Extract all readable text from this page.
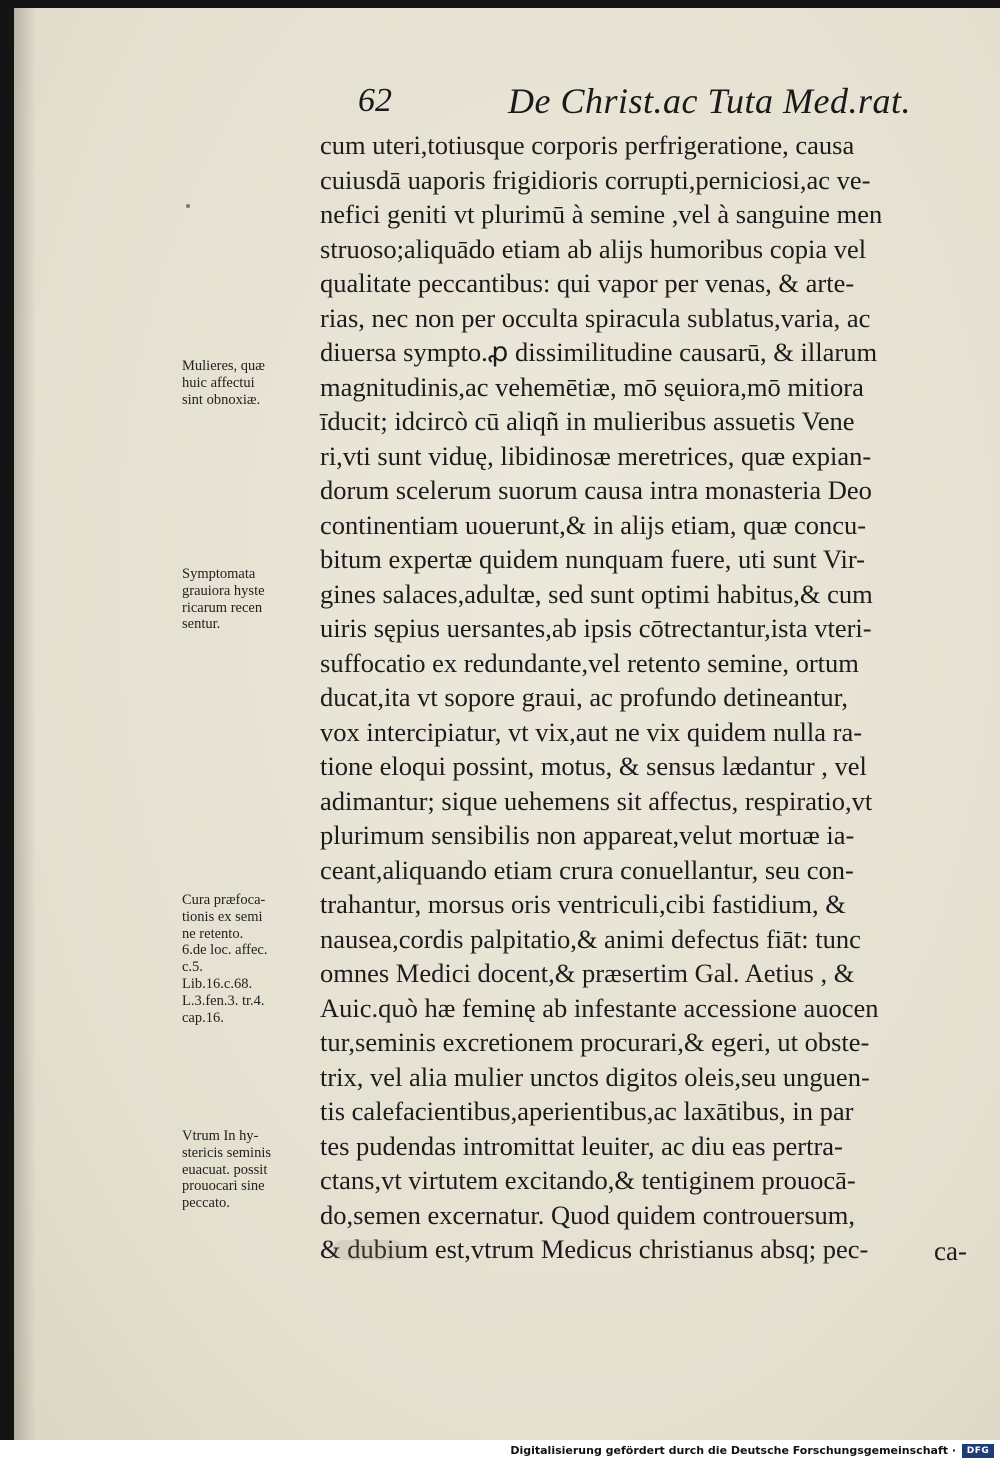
62	De Christ.ac Tuta Med.rat.
Mulieres, quæ
huic affectui
sint obnoxiæ.
Symptomata
grauiora hyste
ricarum recen
sentur.
Cura præfoca-
tionis ex semi
ne retento.
6.de loc. affec.
c.5.
Lib.16.c.68.
L.3.fen.3. tr.4.
cap.16.
Vtrum In hy-
stericis seminis
euacuat. possit
prouocari sine
peccato.
cum uteri,totiusque corporis perfrigeratione, causa
cuiusdā uaporis frigidioris corrupti,perniciosi,ac ve-
nefici geniti vt plurimū à semine ,vel à sanguine men
struoso;aliquādo etiam ab alijs humoribus copia vel
qualitate peccantibus: qui vapor per venas, & arte-
rias, nec non per occulta spiracula sublatus,varia, ac
diuersa sympto.ꝓ dissimilitudine causarū, & illarum
magnitudinis,ac vehemētiæ, mō sęuiora,mō mitiora
īducit; idcircò cū aliqñ in mulieribus assuetis Vene
ri,vti sunt viduę, libidinosæ meretrices, quæ expian-
dorum scelerum suorum causa intra monasteria Deo
continentiam uouerunt,& in alijs etiam, quæ concu-
bitum expertæ quidem nunquam fuere, uti sunt Vir-
gines salaces,adultæ, sed sunt optimi habitus,& cum
uiris sępius uersantes,ab ipsis cōtrectantur,ista vteri-
suffocatio ex redundante,vel retento semine, ortum
ducat,ita vt sopore graui, ac profundo detineantur,
vox intercipiatur, vt vix,aut ne vix quidem nulla ra-
tione eloqui possint, motus, & sensus lædantur , vel
adimantur; sique uehemens sit affectus, respiratio,vt
plurimum sensibilis non appareat,velut mortuæ ia-
ceant,aliquando etiam crura conuellantur, seu con-
trahantur, morsus oris ventriculi,cibi fastidium, &
nausea,cordis palpitatio,& animi defectus fiāt: tunc
omnes Medici docent,& præsertim Gal. Aetius , &
Auic.quò hæ feminę ab infestante accessione auocen
tur,seminis excretionem procurari,& egeri, ut obste-
trix, vel alia mulier unctos digitos oleis,seu unguen-
tis calefacientibus,aperientibus,ac laxātibus, in par
tes pudendas intromittat leuiter, ac diu eas pertra-
ctans,vt virtutem excitando,& tentiginem prouocā-
do,semen excernatur. Quod quidem controuersum,
& dubium est,vtrum Medicus christianus absq; pec-	ca-
Digitalisierung gefördert durch die Deutsche Forschungsgemeinschaft ·	DFG
